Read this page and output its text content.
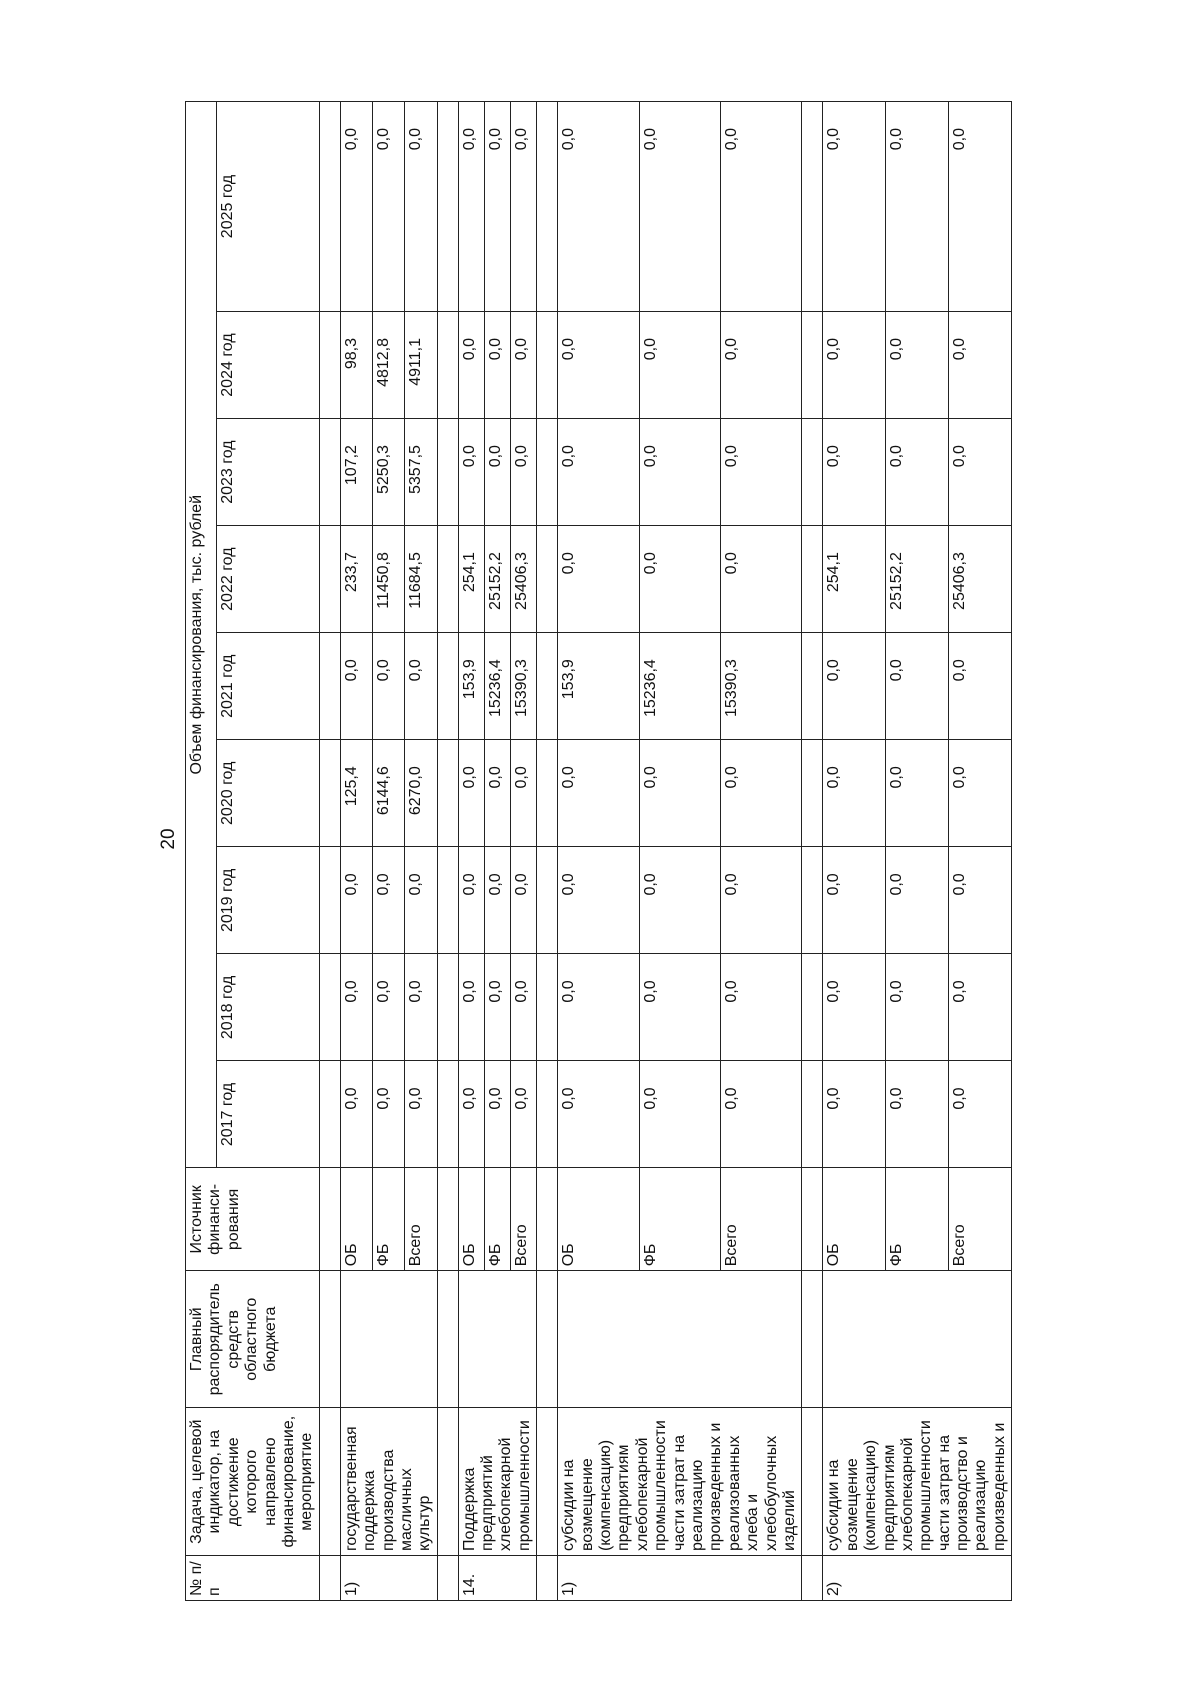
20
№ п/п	Задача, целевой индикатор, на достижение которого направлено финансирование, мероприятие	Главный распорядитель средств областного бюджета	Источник финанси-рования	Объем финансирования, тыс. рублей								
				2017 год	2018 год	2019 год	2020 год	2021 год	2022 год	2023 год	2024 год	2025 год

1)	государственная поддержка производства масличных культур		ОБ	0,0	0,0	0,0	125,4	0,0	233,7	107,2	98,3	0,0
			ФБ	0,0	0,0	0,0	6144,6	0,0	11450,8	5250,3	4812,8	0,0
			Всего	0,0	0,0	0,0	6270,0	0,0	11684,5	5357,5	4911,1	0,0

14.	Поддержка предприятий хлебопекарной промышленности		ОБ	0,0	0,0	0,0	0,0	153,9	254,1	0,0	0,0	0,0
			ФБ	0,0	0,0	0,0	0,0	15236,4	25152,2	0,0	0,0	0,0
			Всего	0,0	0,0	0,0	0,0	15390,3	25406,3	0,0	0,0	0,0

1)	субсидии на возмещение (компенсацию) предприятиям хлебопекарной промышленности части затрат на реализацию произведенных и реализованных хлеба и хлебобулочных изделий		ОБ	0,0	0,0	0,0	0,0	153,9	0,0	0,0	0,0	0,0
			ФБ	0,0	0,0	0,0	0,0	15236,4	0,0	0,0	0,0	0,0
			Всего	0,0	0,0	0,0	0,0	15390,3	0,0	0,0	0,0	0,0

2)	субсидии на возмещение (компенсацию) предприятиям хлебопекарной промышленности части затрат на производство и реализацию произведенных и		ОБ	0,0	0,0	0,0	0,0	0,0	254,1	0,0	0,0	0,0
			ФБ	0,0	0,0	0,0	0,0	0,0	25152,2	0,0	0,0	0,0
			Всего	0,0	0,0	0,0	0,0	0,0	25406,3	0,0	0,0	0,0
